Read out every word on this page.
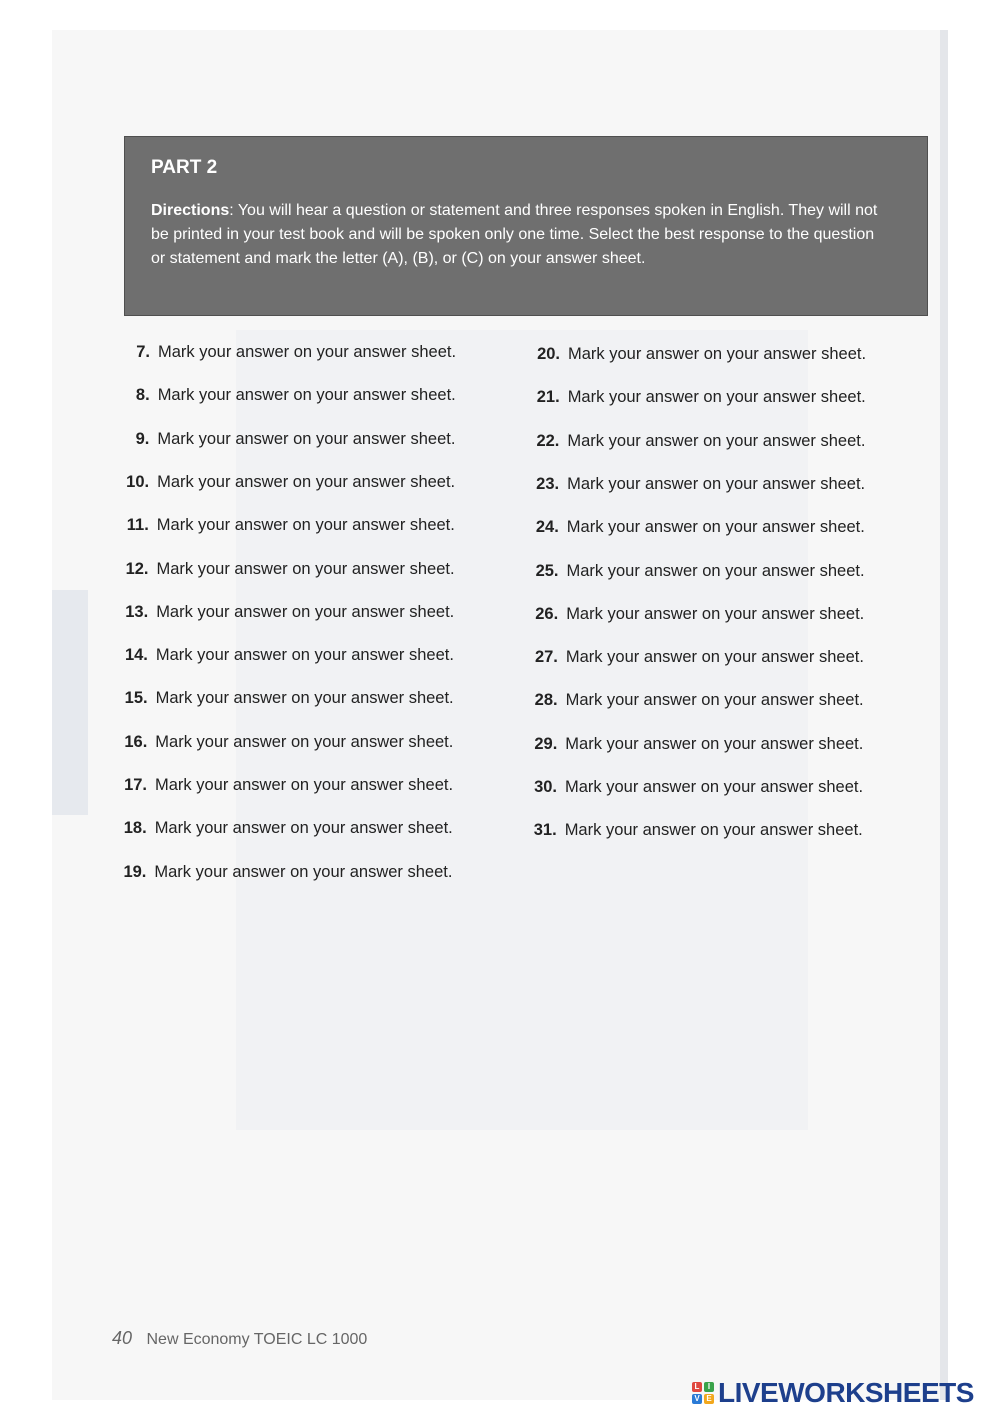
PART 2

Directions: You will hear a question or statement and three responses spoken in English. They will not be printed in your test book and will be spoken only one time. Select the best response to the question or statement and mark the letter (A), (B), or (C) on your answer sheet.

7. Mark your answer on your answer sheet.
8. Mark your answer on your answer sheet.
9. Mark your answer on your answer sheet.
10. Mark your answer on your answer sheet.
11. Mark your answer on your answer sheet.
12. Mark your answer on your answer sheet.
13. Mark your answer on your answer sheet.
14. Mark your answer on your answer sheet.
15. Mark your answer on your answer sheet.
16. Mark your answer on your answer sheet.
17. Mark your answer on your answer sheet.
18. Mark your answer on your answer sheet.
19. Mark your answer on your answer sheet.
20. Mark your answer on your answer sheet.
21. Mark your answer on your answer sheet.
22. Mark your answer on your answer sheet.
23. Mark your answer on your answer sheet.
24. Mark your answer on your answer sheet.
25. Mark your answer on your answer sheet.
26. Mark your answer on your answer sheet.
27. Mark your answer on your answer sheet.
28. Mark your answer on your answer sheet.
29. Mark your answer on your answer sheet.
30. Mark your answer on your answer sheet.
31. Mark your answer on your answer sheet.
40 New Economy TOEIC LC 1000
L	I
V E LIVEWORKSHEETS
